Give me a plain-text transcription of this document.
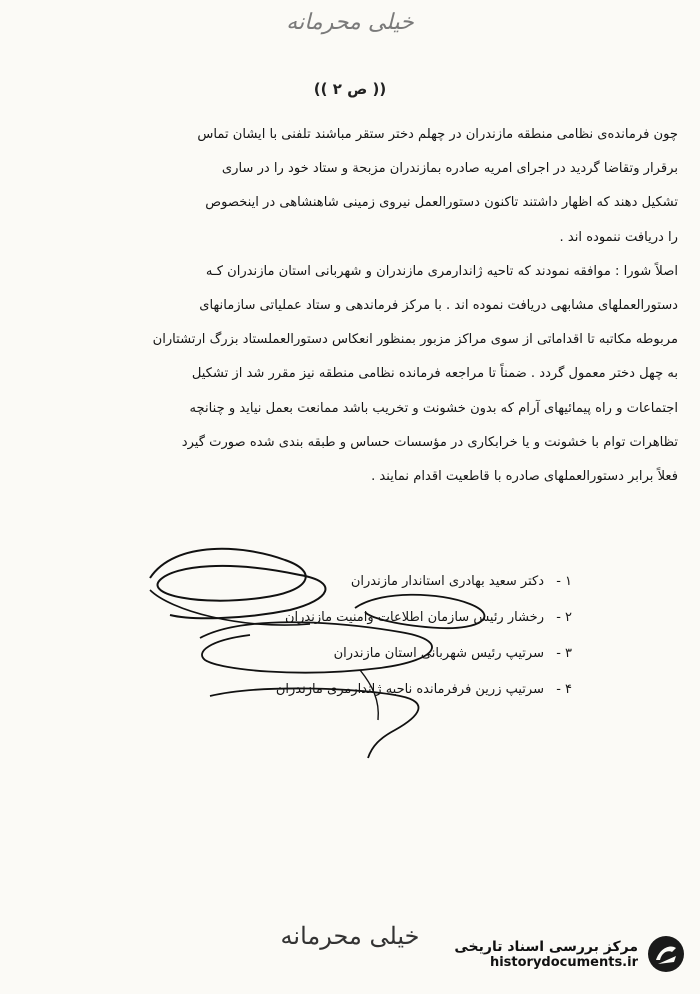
خیلی محرمانه
(( ص ۲ ))
چون فرمانده‌ی نظامی منطقه مازندران در چهلم دختر ستقر مباشند تلفنی با ایشان تماس
برقرار وتقاضا گردید در اجرای امریه صادره بمازندران مزبحة و ستاد خود را در ساری
تشکیل دهند که اظهار داشتند تاکنون دستورالعمل نیروی زمینی شاهنشاهی در اینخصوص
را دریافت ننموده اند .
اصلاً شورا : موافقه نمودند که تاحیه ژاندارمری مازندران و شهربانی استان مازندران کـه
دستورالعملهای مشابهی دریافت نموده اند . با مرکز فرماندهی و ستاد عملیاتی سازمانهای
مربوطه مکاتبه تا اقداماتی از سوی مراکز مزبور بمنظور انعکاس دستورالعملستاد بزرگ ارتشتاران
به چهل دختر معمول گردد . ضمناً تا مراجعه فرمانده نظامی منطقه نیز مقرر شد از تشکیل
اجتماعات و راه پیمائیهای آرام که بدون خشونت و تخریب باشد ممانعت بعمل نیاید و چنانچه
تظاهرات توام با خشونت و یا خرابکاری در مؤسسات حساس و طبقه بندی شده صورت گیرد
فعلاً برابر دستورالعملهای صادره با قاطعیت اقدام نمایند .
۱ -
دکتر سعید بهادری استاندار مازندران
۲ -
رخشار رئیس سازمان اطلاعات وامنیت مازندران
۳ -
سرتیپ رئیس شهربانی استان مازندران
۴ -
سرتیپ زرین فرفرمانده ناحیه ژاندارمری مازندران
خیلی محرمانه	مرکز بررسی اسناد تاریخی
historydocuments.ir
